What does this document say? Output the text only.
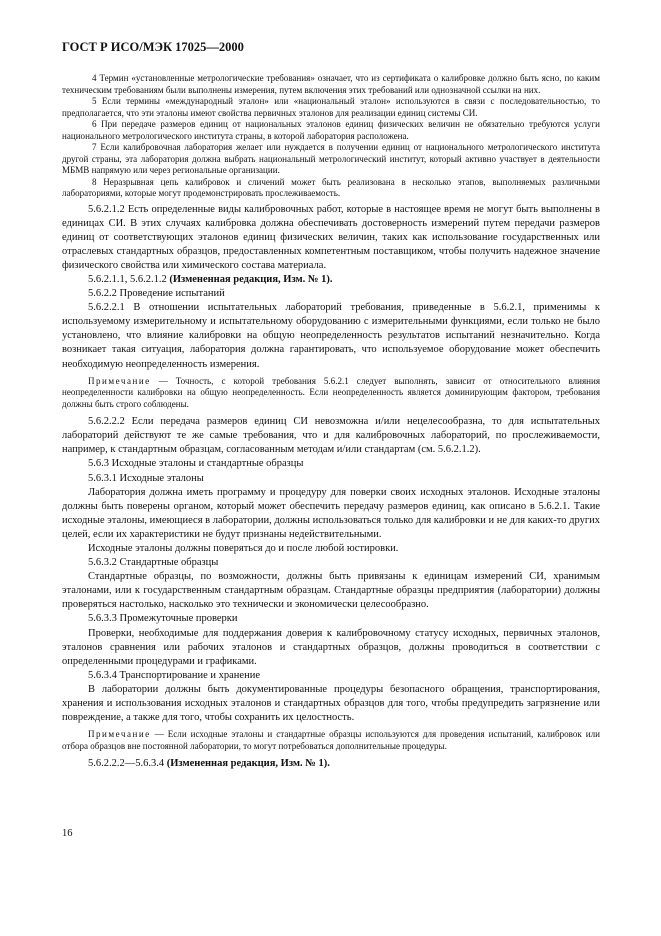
ГОСТ Р ИСО/МЭК 17025—2000

4 Термин «установленные метрологические требования» означает, что из сертификата о калибровке должно быть ясно, по каким техническим требованиям были выполнены измерения, путем включения этих требований или однозначной ссылки на них.

5 Если термины «международный эталон» или «национальный эталон» используются в связи с последовательностью, то предполагается, что эти эталоны имеют свойства первичных эталонов для реализации единиц системы СИ.

6 При передаче размеров единиц от национальных эталонов единиц физических величин не обязательно требуются услуги национального метрологического института страны, в которой лаборатория расположена.

7 Если калибровочная лаборатория желает или нуждается в получении единиц от национального метрологического института другой страны, эта лаборатория должна выбрать национальный метрологический институт, который активно участвует в деятельности МБМВ напрямую или через региональные организации.

8 Неразрывная цепь калибровок и сличений может быть реализована в несколько этапов, выполняемых различными лабораториями, которые могут продемонстрировать прослеживаемость.

5.6.2.1.2 Есть определенные виды калибровочных работ, которые в настоящее время не могут быть выполнены в единицах СИ. В этих случаях калибровка должна обеспечивать достоверность измерений путем передачи размеров единиц от соответствующих эталонов единиц физических величин, таких как использование государственных или отраслевых стандартных образцов, предоставленных компетентным поставщиком, чтобы получить надежное значение физического свойства или химического состава материала.

5.6.2.1.1, 5.6.2.1.2 (Измененная редакция, Изм. № 1).

5.6.2.2 Проведение испытаний

5.6.2.2.1 В отношении испытательных лабораторий требования, приведенные в 5.6.2.1, применимы к используемому измерительному и испытательному оборудованию с измерительными функциями, если только не было установлено, что влияние калибровки на общую неопределенность результатов испытаний незначительно. Когда возникает такая ситуация, лаборатория должна гарантировать, что используемое оборудование может обеспечить необходимую неопределенность измерения.

Примечание — Точность, с которой требования 5.6.2.1 следует выполнять, зависит от относительного влияния неопределенности калибровки на общую неопределенность. Если неопределенность является доминирующим фактором, требования должны быть строго соблюдены.

5.6.2.2.2 Если передача размеров единиц СИ невозможна и/или нецелесообразна, то для испытательных лабораторий действуют те же самые требования, что и для калибровочных лабораторий, по прослеживаемости, например, к стандартным образцам, согласованным методам и/или стандартам (см. 5.6.2.1.2).

5.6.3 Исходные эталоны и стандартные образцы

5.6.3.1 Исходные эталоны

Лаборатория должна иметь программу и процедуру для поверки своих исходных эталонов. Исходные эталоны должны быть поверены органом, который может обеспечить передачу размеров единиц, как описано в 5.6.2.1. Такие исходные эталоны, имеющиеся в лаборатории, должны использоваться только для калибровки и не для каких-то других целей, если их характеристики не будут признаны недействительными.

Исходные эталоны должны поверяться до и после любой юстировки.

5.6.3.2 Стандартные образцы

Стандартные образцы, по возможности, должны быть привязаны к единицам измерений СИ, хранимым эталонами, или к государственным стандартным образцам. Стандартные образцы предприятия (лаборатории) должны проверяться настолько, насколько это технически и экономически целесообразно.

5.6.3.3 Промежуточные проверки

Проверки, необходимые для поддержания доверия к калибровочному статусу исходных, первичных эталонов, эталонов сравнения или рабочих эталонов и стандартных образцов, должны проводиться в соответствии с определенными процедурами и графиками.

5.6.3.4 Транспортирование и хранение

В лаборатории должны быть документированные процедуры безопасного обращения, транспортирования, хранения и использования исходных эталонов и стандартных образцов для того, чтобы предупредить загрязнение или повреждение, а также для того, чтобы сохранить их целостность.

Примечание — Если исходные эталоны и стандартные образцы используются для проведения испытаний, калибровок или отбора образцов вне постоянной лаборатории, то могут потребоваться дополнительные процедуры.

5.6.2.2.2—5.6.3.4 (Измененная редакция, Изм. № 1).

16
